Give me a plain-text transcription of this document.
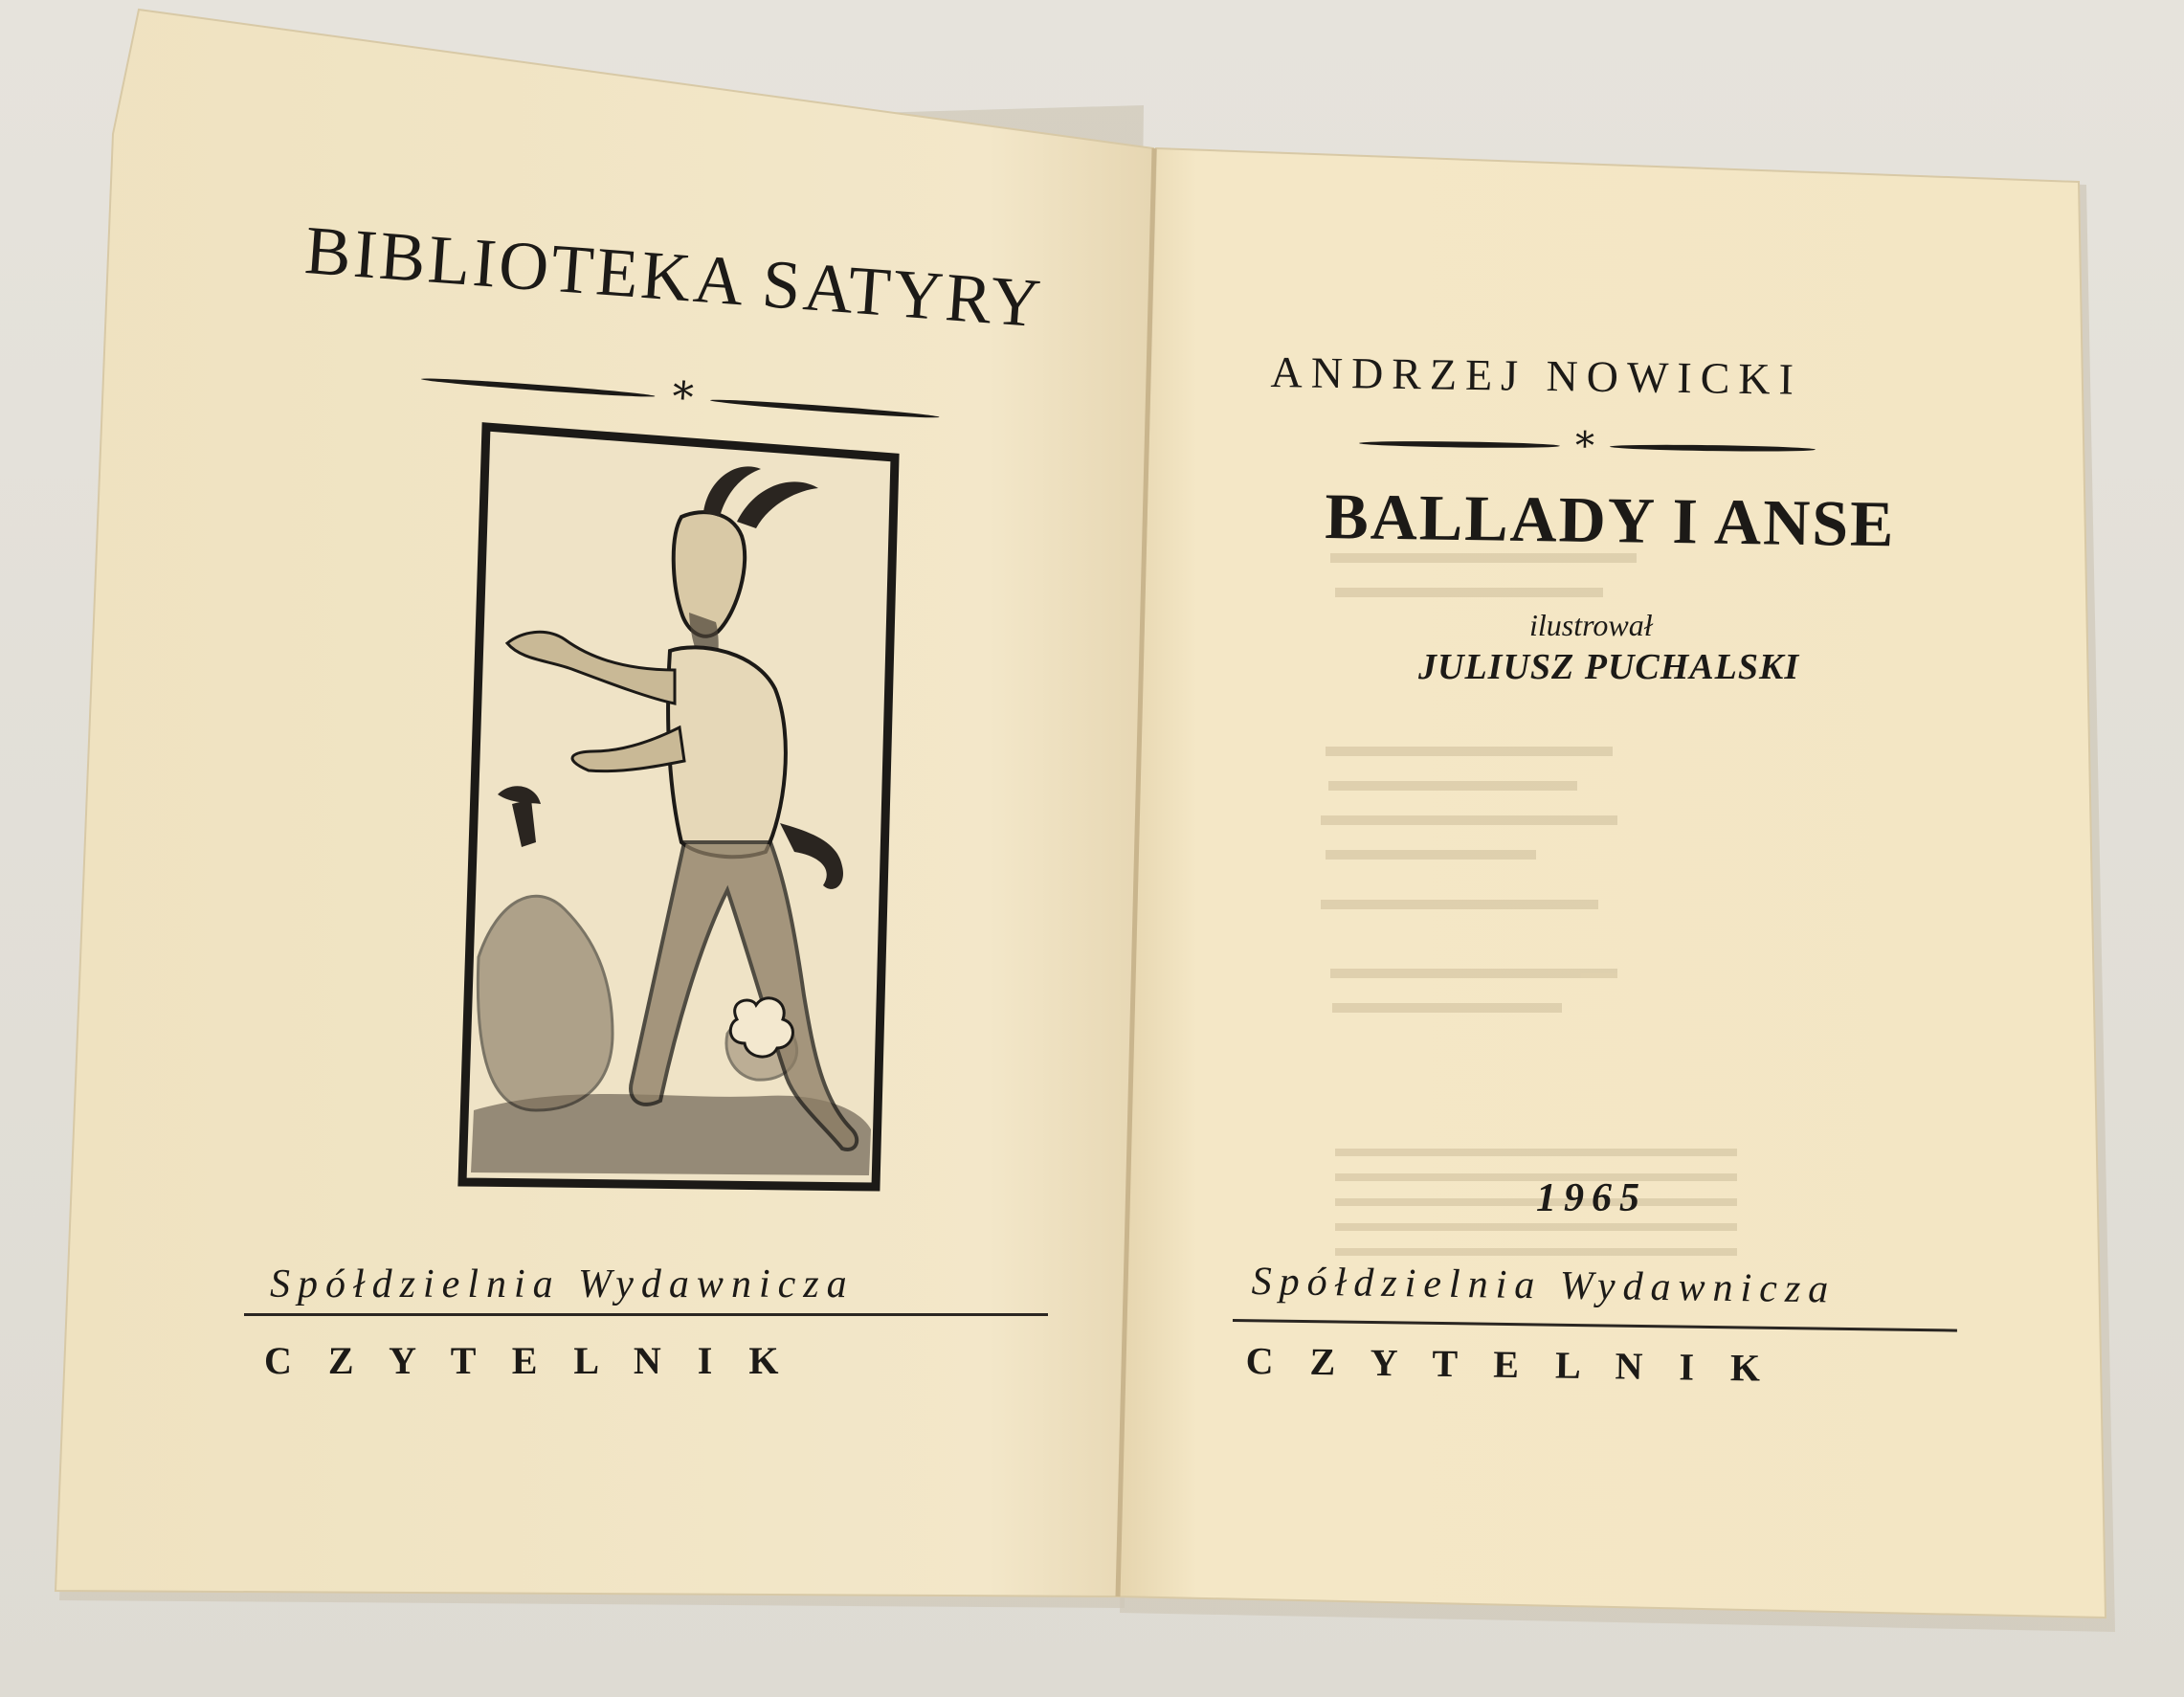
BIBLIOTEKA SATYRY
*
Spółdzielnia Wydawnicza
C Z Y T E L N I K
ANDRZEJ NOWICKI
*
BALLADY I ANSE
ilustrował
JULIUSZ PUCHALSKI
1965
Spółdzielnia Wydawnicza
C Z Y T E L N I K
